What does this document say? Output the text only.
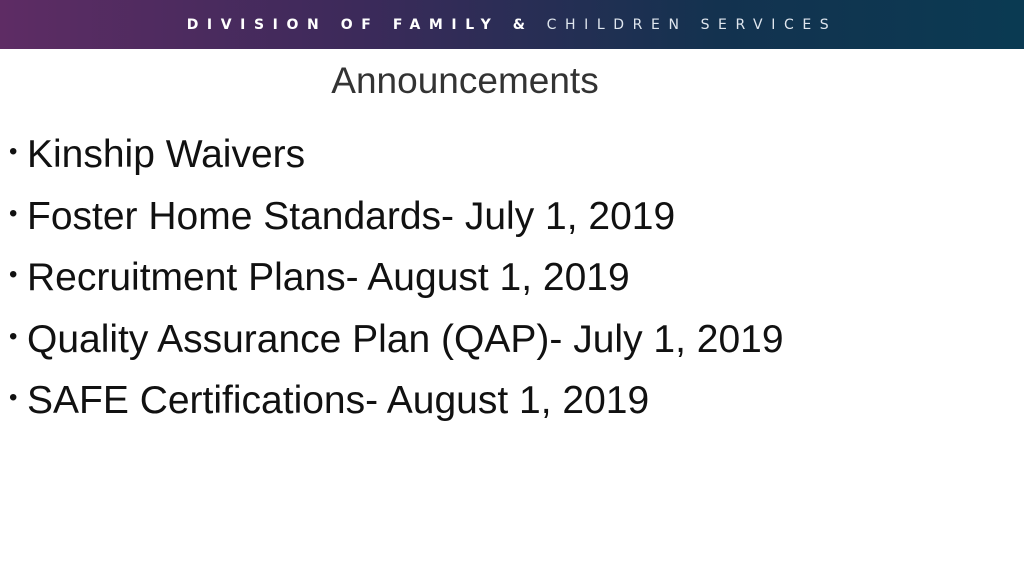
DIVISION OF FAMILY & CHILDREN SERVICES
Announcements
• Kinship Waivers
• Foster Home Standards- July 1, 2019
• Recruitment Plans- August 1, 2019
• Quality Assurance Plan (QAP)- July 1, 2019
• SAFE Certifications- August 1, 2019
